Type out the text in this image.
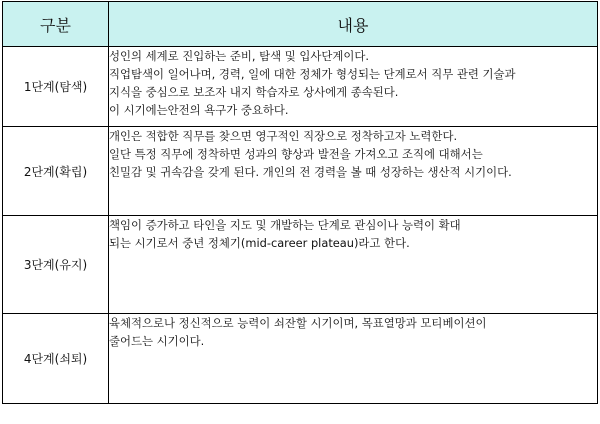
구분	내용
1단계(탐색)	성인의 세계로 진입하는 준비, 탐색 및 입사단계이다.
직업탐색이 일어나며, 경력, 일에 대한 정체가 형성되는 단계로서 직무 관련 기술과
지식을 중심으로 보조자 내지 학습자로 상사에게 종속된다.
이 시기에는안전의 욕구가 중요하다.

2단계(확립)	개인은 적합한 직무를 찾으면 영구적인 직장으로 정착하고자 노력한다.
일단 특정 직무에 정착하면 성과의 향상과 발전을 가져오고 조직에 대해서는
친밀감 및 귀속감을 갖게 된다. 개인의 전 경력을 볼 때 성장하는 생산적 시기이다.

3단계(유지)	책임이 증가하고 타인을 지도 및 개발하는 단계로 관심이나 능력이 확대
되는 시기로서 중년 정체기(mid-career plateau)라고 한다.

4단계(쇠퇴)	육체적으로나 정신적으로 능력이 쇠잔할 시기이며, 목표열망과 모티베이션이
줄어드는 시기이다.
